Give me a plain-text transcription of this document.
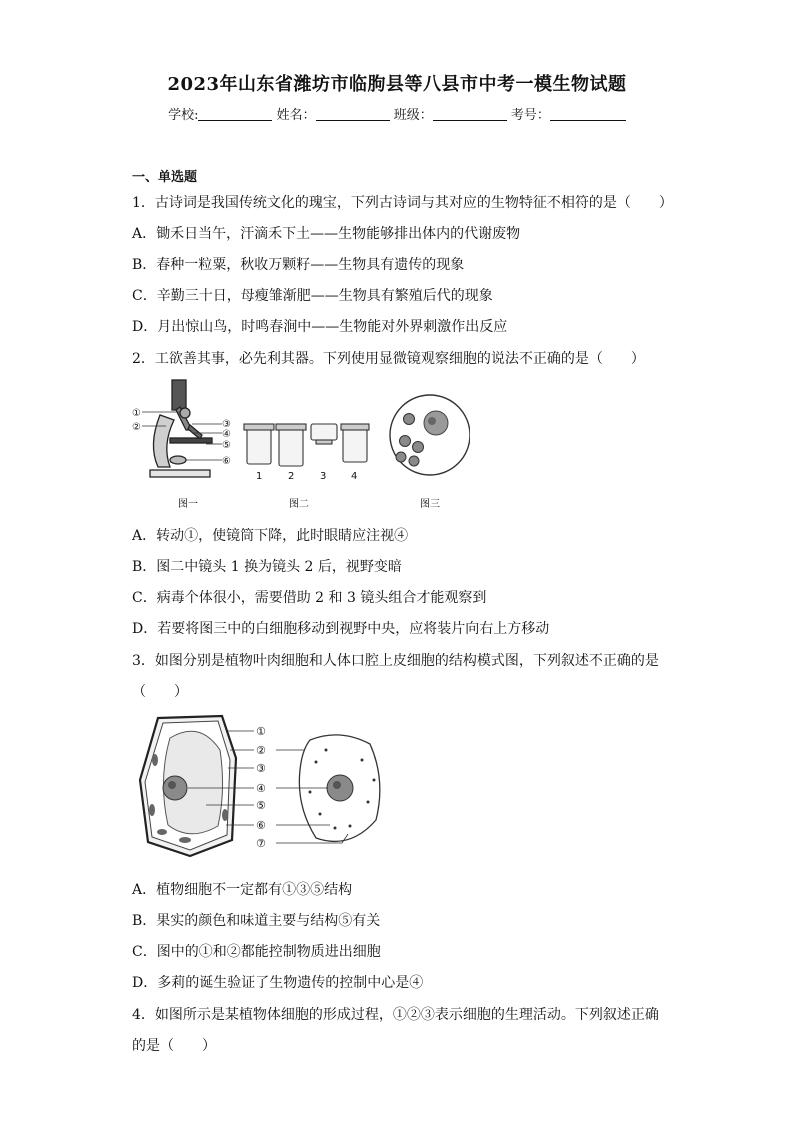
2023年山东省潍坊市临朐县等八县市中考一模生物试题
学校:	姓名：	班级：	考号：
一、单选题
1．古诗词是我国传统文化的瑰宝，下列古诗词与其对应的生物特征不相符的是（　　）
A．锄禾日当午，汗滴禾下土——生物能够排出体内的代谢废物
B．春种一粒粟，秋收万颗籽——生物具有遗传的现象
C．辛勤三十日，母瘦雏渐肥——生物具有繁殖后代的现象
D．月出惊山鸟，时鸣春涧中——生物能对外界刺激作出反应
2．工欲善其事，必先利其器。下列使用显微镜观察细胞的说法不正确的是（　　）
①
②	③
④
⑤
⑥
图一
1	2	3 4
图二	图三
A．转动①，使镜筒下降，此时眼睛应注视④
B．图二中镜头 1 换为镜头 2 后，视野变暗
C．病毒个体很小，需要借助 2 和 3 镜头组合才能观察到
D．若要将图三中的白细胞移动到视野中央，应将装片向右上方移动
3．如图分别是植物叶肉细胞和人体口腔上皮细胞的结构模式图，下列叙述不正确的是
（　　）
①
②
③
④
⑤
⑥
⑦
A．植物细胞不一定都有①③⑤结构
B．果实的颜色和味道主要与结构⑤有关
C．图中的①和②都能控制物质进出细胞
D．多莉的诞生验证了生物遗传的控制中心是④
4．如图所示是某植物体细胞的形成过程，①②③表示细胞的生理活动。下列叙述正确
的是（　　）
